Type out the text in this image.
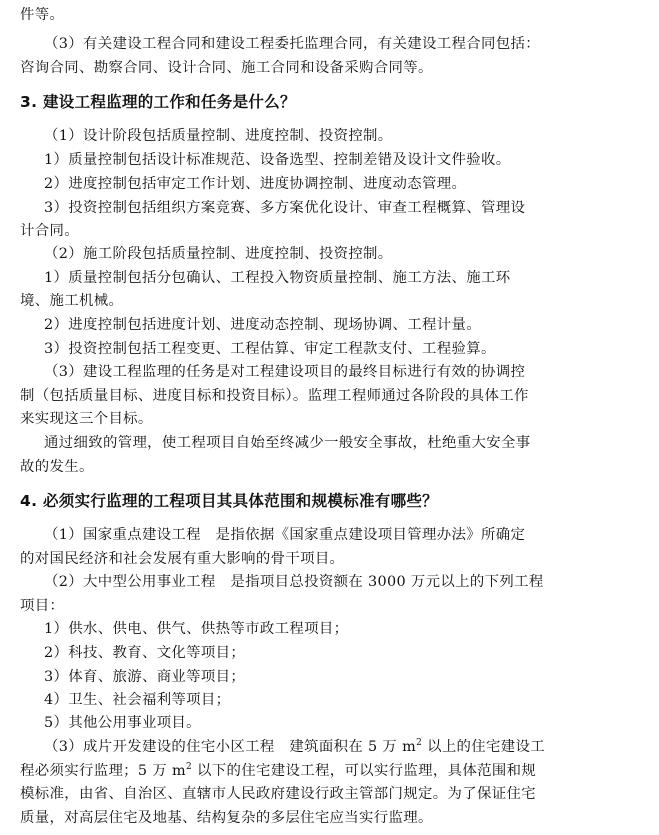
件等。
（3）有关建设工程合同和建设工程委托监理合同，有关建设工程合同包括：
咨询合同、勘察合同、设计合同、施工合同和设备采购合同等。
3. 建设工程监理的工作和任务是什么？
（1）设计阶段包括质量控制、进度控制、投资控制。
1）质量控制包括设计标准规范、设备选型、控制差错及设计文件验收。
2）进度控制包括审定工作计划、进度协调控制、进度动态管理。
3）投资控制包括组织方案竞赛、多方案优化设计、审查工程概算、管理设
计合同。
（2）施工阶段包括质量控制、进度控制、投资控制。
1）质量控制包括分包确认、工程投入物资质量控制、施工方法、施工环
境、施工机械。
2）进度控制包括进度计划、进度动态控制、现场协调、工程计量。
3）投资控制包括工程变更、工程估算、审定工程款支付、工程验算。
（3）建设工程监理的任务是对工程建设项目的最终目标进行有效的协调控
制（包括质量目标、进度目标和投资目标）。监理工程师通过各阶段的具体工作
来实现这三个目标。
通过细致的管理，使工程项目自始至终减少一般安全事故，杜绝重大安全事
故的发生。
4. 必须实行监理的工程项目其具体范围和规模标准有哪些？
（1）国家重点建设工程　是指依据《国家重点建设项目管理办法》所确定
的对国民经济和社会发展有重大影响的骨干项目。
（2）大中型公用事业工程　是指项目总投资额在 3000 万元以上的下列工程
项目：
1）供水、供电、供气、供热等市政工程项目；
2）科技、教育、文化等项目；
3）体育、旅游、商业等项目；
4）卫生、社会福利等项目；
5）其他公用事业项目。
（3）成片开发建设的住宅小区工程　建筑面积在 5 万 $m^2$ 以上的住宅建设工
程必须实行监理；5 万 $m^2$ 以下的住宅建设工程，可以实行监理，具体范围和规
模标准，由省、自治区、直辖市人民政府建设行政主管部门规定。为了保证住宅
质量，对高层住宅及地基、结构复杂的多层住宅应当实行监理。
